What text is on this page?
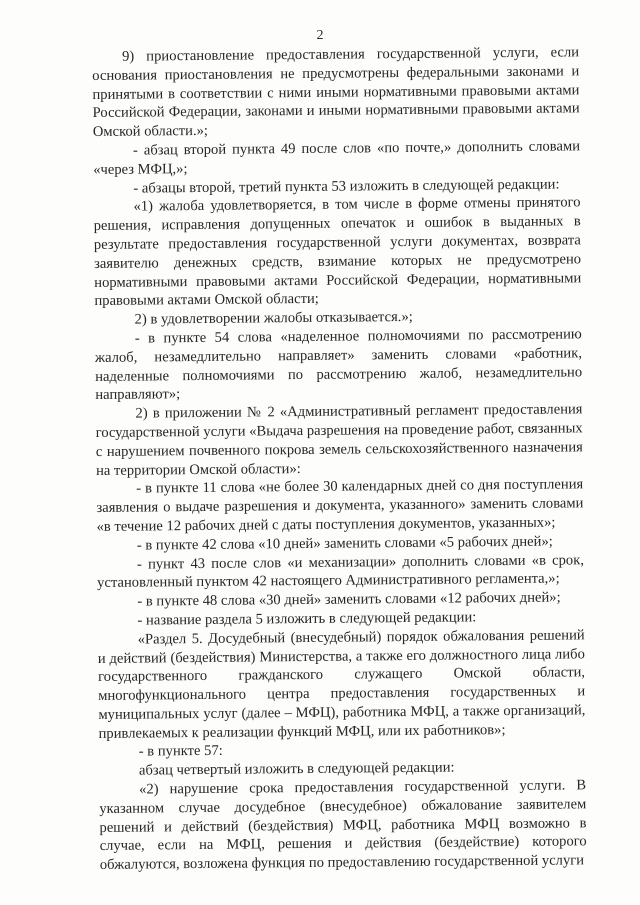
2

9) приостановление предоставления государственной услуги, если основания приостановления не предусмотрены федеральными законами и принятыми в соответствии с ними иными нормативными правовыми актами Российской Федерации, законами и иными нормативными правовыми актами Омской области.»;

- абзац второй пункта 49 после слов «по почте,» дополнить словами «через МФЦ,»;

- абзацы второй, третий пункта 53 изложить в следующей редакции:

«1) жалоба удовлетворяется, в том числе в форме отмены принятого решения, исправления допущенных опечаток и ошибок в выданных в результате предоставления государственной услуги документах, возврата заявителю денежных средств, взимание которых не предусмотрено нормативными правовыми актами Российской Федерации, нормативными правовыми актами Омской области;

2) в удовлетворении жалобы отказывается.»;

- в пункте 54 слова «наделенное полномочиями по рассмотрению жалоб, незамедлительно направляет» заменить словами «работник, наделенные полномочиями по рассмотрению жалоб, незамедлительно направляют»;

2) в приложении № 2 «Административный регламент предоставления государственной услуги «Выдача разрешения на проведение работ, связанных с нарушением почвенного покрова земель сельскохозяйственного назначения на территории Омской области»:

- в пункте 11 слова «не более 30 календарных дней со дня поступления заявления о выдаче разрешения и документа, указанного» заменить словами «в течение 12 рабочих дней с даты поступления документов, указанных»;

- в пункте 42 слова «10 дней» заменить словами «5 рабочих дней»;

- пункт 43 после слов «и механизации» дополнить словами «в срок, установленный пунктом 42 настоящего Административного регламента,»;

- в пункте 48 слова «30 дней» заменить словами «12 рабочих дней»;

- название раздела 5 изложить в следующей редакции:

«Раздел 5. Досудебный (внесудебный) порядок обжалования решений и действий (бездействия) Министерства, а также его должностного лица либо государственного гражданского служащего Омской области, многофункционального центра предоставления государственных и муниципальных услуг (далее – МФЦ), работника МФЦ, а также организаций, привлекаемых к реализации функций МФЦ, или их работников»;

- в пункте 57:

абзац четвертый изложить в следующей редакции:

«2) нарушение срока предоставления государственной услуги. В указанном случае досудебное (внесудебное) обжалование заявителем решений и действий (бездействия) МФЦ, работника МФЦ возможно в случае, если на МФЦ, решения и действия (бездействие) которого обжалуются, возложена функция по предоставлению государственной услуги
